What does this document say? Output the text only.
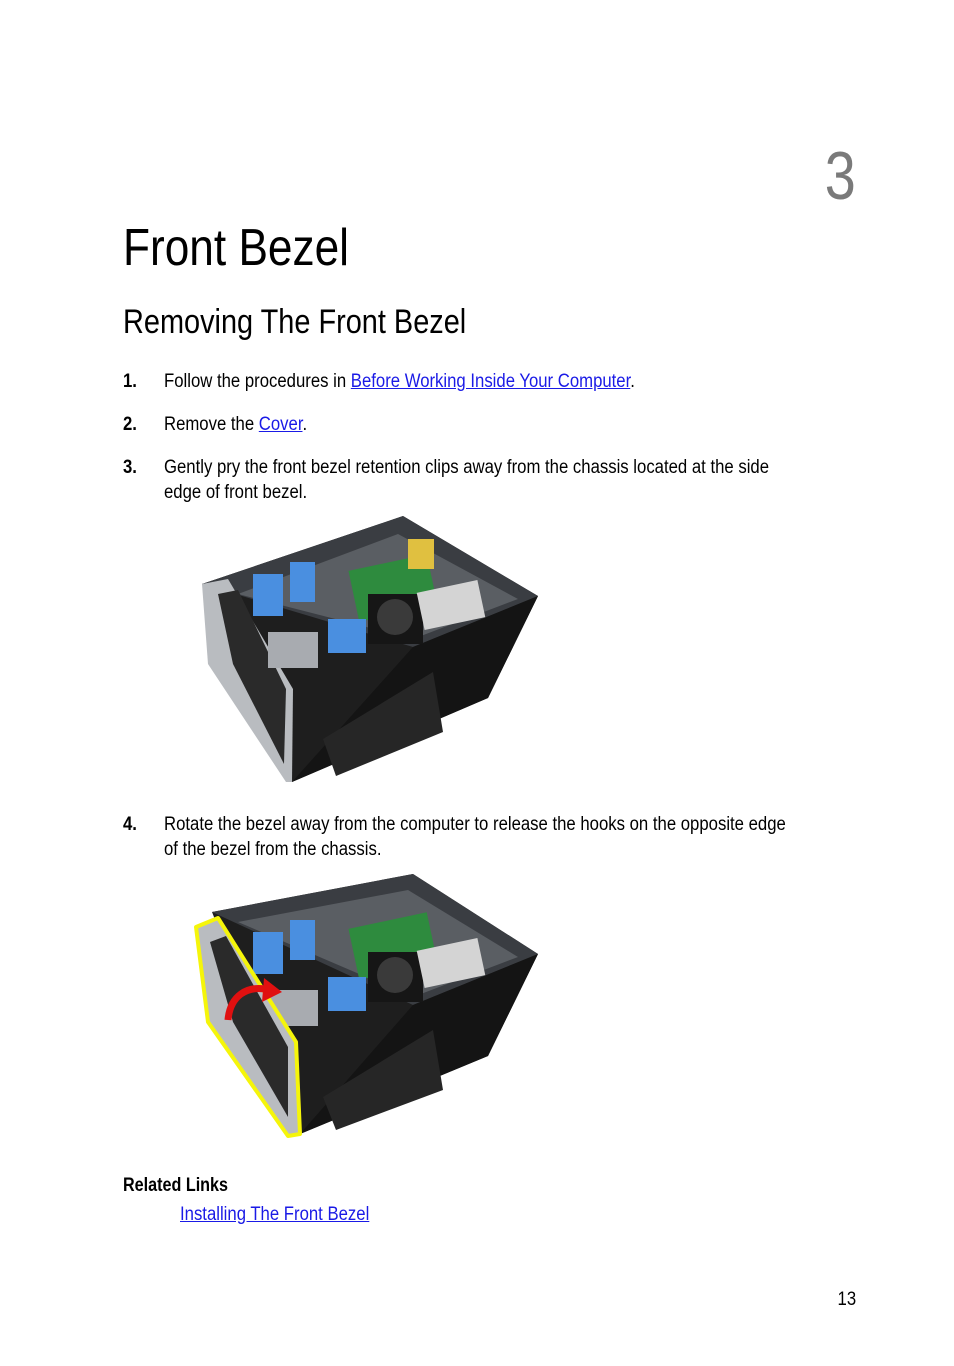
3
Front Bezel
Removing The Front Bezel
1. Follow the procedures in Before Working Inside Your Computer.
2. Remove the Cover.
3. Gently pry the front bezel retention clips away from the chassis located at the side
edge of front bezel.
4. Rotate the bezel away from the computer to release the hooks on the opposite edge
of the bezel from the chassis.
Related Links
Installing The Front Bezel
13
